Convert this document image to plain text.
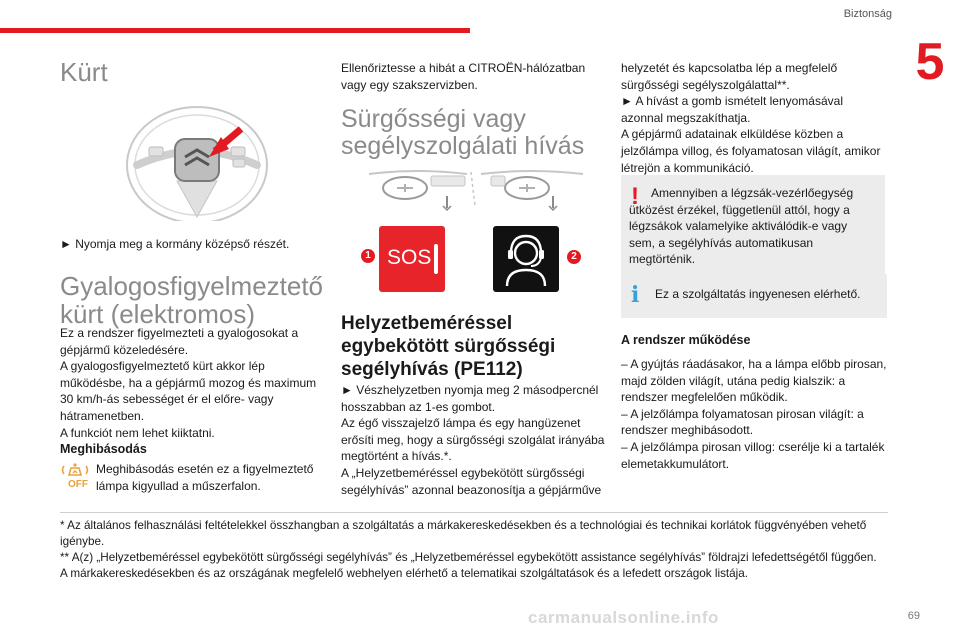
Biztonság
5
Kürt

► Nyomja meg a kormány középső részét.

Gyalogosfigyelmeztető kürt (elektromos)

Ez a rendszer figyelmezteti a gyalogosokat a gépjármű közeledésére.

A gyalogosfigyelmeztető kürt akkor lép működésbe, ha a gépjármű mozog és maximum 30 km/h-ás sebességet ér el előre- vagy hátramenetben.

A funkciót nem lehet kiiktatni.

Meghibásodás
OFF

Meghibásodás esetén ez a figyelmeztető lámpa kigyullad a műszerfalon.

Ellenőriztesse a hibát a CITROËN-hálózatban vagy egy szakszervizben.

Sürgősségi vagy segélyszolgálati hívás
SOS
1	2
Helyzetbeméréssel egybekötött sürgősségi segélyhívás (PE112)

► Vészhelyzetben nyomja meg 2 másodpercnél hosszabban az 1-es gombot.

Az égő visszajelző lámpa és egy hangüzenet erősíti meg, hogy a sürgősségi szolgálat irányába megtörtént a hívás.*.

A „Helyzetbeméréssel egybekötött sürgősségi segélyhívás” azonnal beazonosítja a gépjárműve

helyzetét és kapcsolatba lép a megfelelő sürgősségi segélyszolgálattal**.

► A hívást a gomb ismételt lenyomásával azonnal megszakíthatja.

A gépjármű adatainak elküldése közben a jelzőlámpa villog, és folyamatosan világít, amikor létrejön a kommunikáció.

!	Amennyiben a légzsák-vezérlőegység ütközést érzékel, függetlenül attól, hogy a légzsákok valamelyike aktiválódik-e vagy sem, a segélyhívás automatikusan megtörténik.

i	Ez a szolgáltatás ingyenesen elérhető.

A rendszer működése

– A gyújtás ráadásakor, ha a lámpa előbb pirosan, majd zölden világít, utána pedig kialszik: a rendszer megfelelően működik.

– A jelzőlámpa folyamatosan pirosan világít: a rendszer meghibásodott.

– A jelzőlámpa pirosan villog: cserélje ki a tartalék elemetakkumulátort.

* Az általános felhasználási feltételekkel összhangban a szolgáltatás a márkakereskedésekben és a technológiai és technikai korlátok függvényében vehető igénybe.

** A(z) „Helyzetbeméréssel egybekötött sürgősségi segélyhívás” és „Helyzetbeméréssel egybekötött assistance segélyhívás” földrajzi lefedettségétől függően.

A márkakereskedésekben és az országának megfelelő webhelyen elérhető a telematikai szolgáltatások és a lefedett országok listája.

carmanualsonline.info	69
